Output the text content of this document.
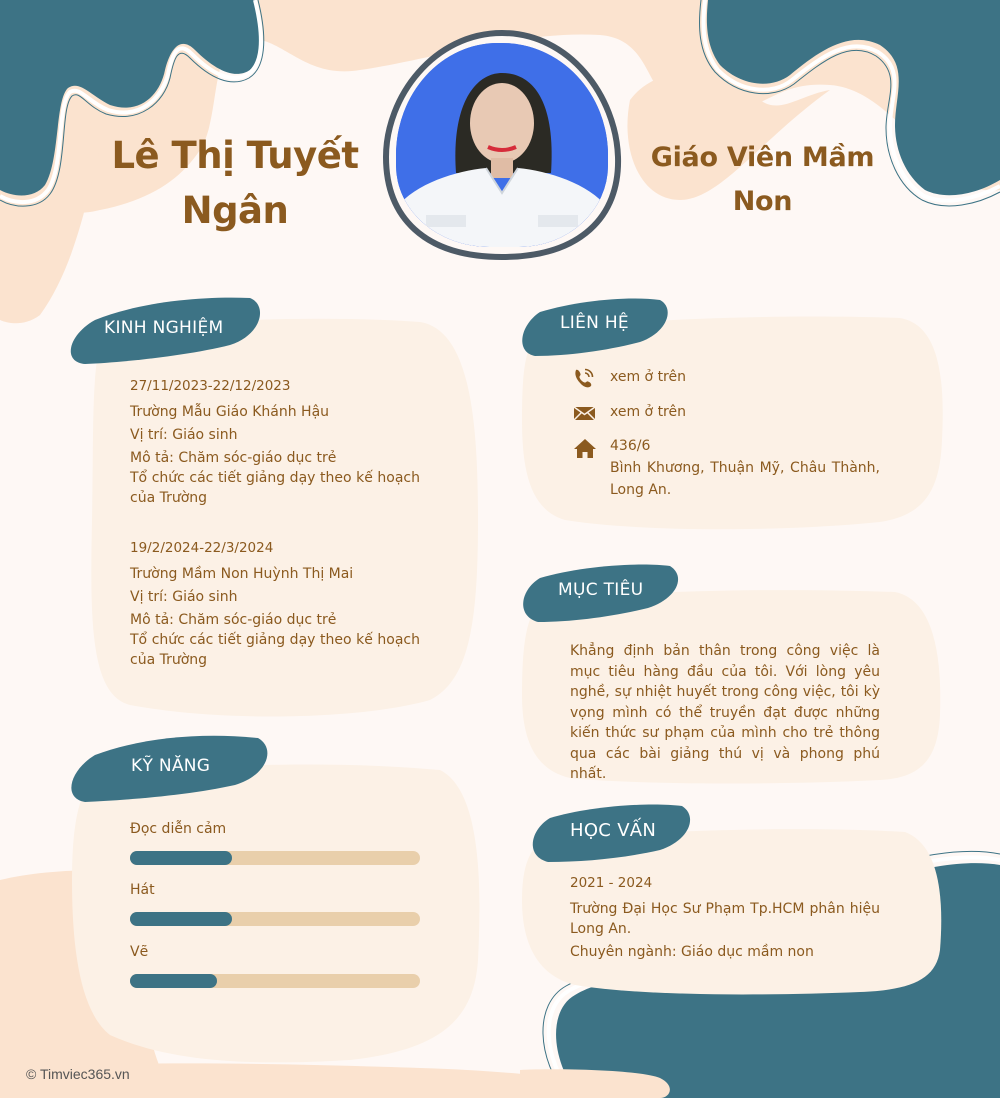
Lê Thị Tuyết Ngân
Giáo Viên Mầm Non
KINH NGHIỆM
27/11/2023-22/12/2023
Trường Mẫu Giáo Khánh Hậu
Vị trí: Giáo sinh
Mô tả: Chăm sóc-giáo dục trẻ
Tổ chức các tiết giảng dạy theo kế hoạch của Trường
19/2/2024-22/3/2024
Trường Mầm Non Huỳnh Thị Mai
Vị trí: Giáo sinh
Mô tả: Chăm sóc-giáo dục trẻ
Tổ chức các tiết giảng dạy theo kế hoạch của Trường
KỸ NĂNG
Đọc diễn cảm
Hát
Vẽ
LIÊN HỆ
xem ở trên
xem ở trên
436/6
Bình Khương, Thuận Mỹ, Châu Thành, Long An.
MỤC TIÊU
Khẳng định bản thân trong công việc là mục tiêu hàng đầu của tôi. Với lòng yêu nghề, sự nhiệt huyết trong công việc, tôi kỳ vọng mình có thể truyền đạt được những kiến thức sư phạm của mình cho trẻ thông qua các bài giảng thú vị và phong phú nhất.
HỌC VẤN
2021 - 2024
Trường Đại Học Sư Phạm Tp.HCM phân hiệu Long An.
Chuyên ngành: Giáo dục mầm non
© Timviec365.vn
